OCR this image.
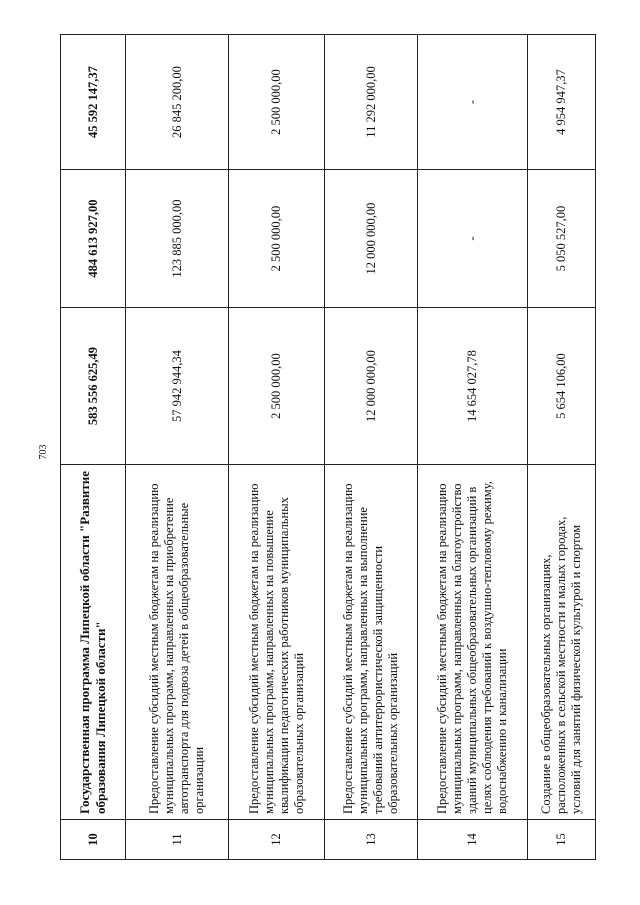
703
10	Государственная программа Липецкой области "Развитие образования Липецкой области"	583 556 625,49	484 613 927,00	45 592 147,37
11	Предоставление субсидий местным бюджетам на реализацию муниципальных программ, направленных на приобретение автотранспорта для подвоза детей в общеобразовательные организации	57 942 944,34	123 885 000,00	26 845 200,00
12	Предоставление субсидий местным бюджетам на реализацию муниципальных программ, направленных на повышение квалификации педагогических работников муниципальных образовательных организаций	2 500 000,00	2 500 000,00	2 500 000,00
13	Предоставление субсидий местным бюджетам на реализацию муниципальных программ, направленных на выполнение требований антитеррористической защищенности образовательных организаций	12 000 000,00	12 000 000,00	11 292 000,00
14	Предоставление субсидий местным бюджетам на реализацию муниципальных программ, направленных на благоустройство зданий муниципальных общеобразовательных организаций в целях соблюдения требований к воздушно-тепловому режиму, водоснабжению и канализации	14 654 027,78	-	-
15	Создание в общеобразовательных организациях, расположенных в сельской местности и малых городах, условий для занятий физической культурой и спортом	5 654 106,00	5 050 527,00	4 954 947,37
